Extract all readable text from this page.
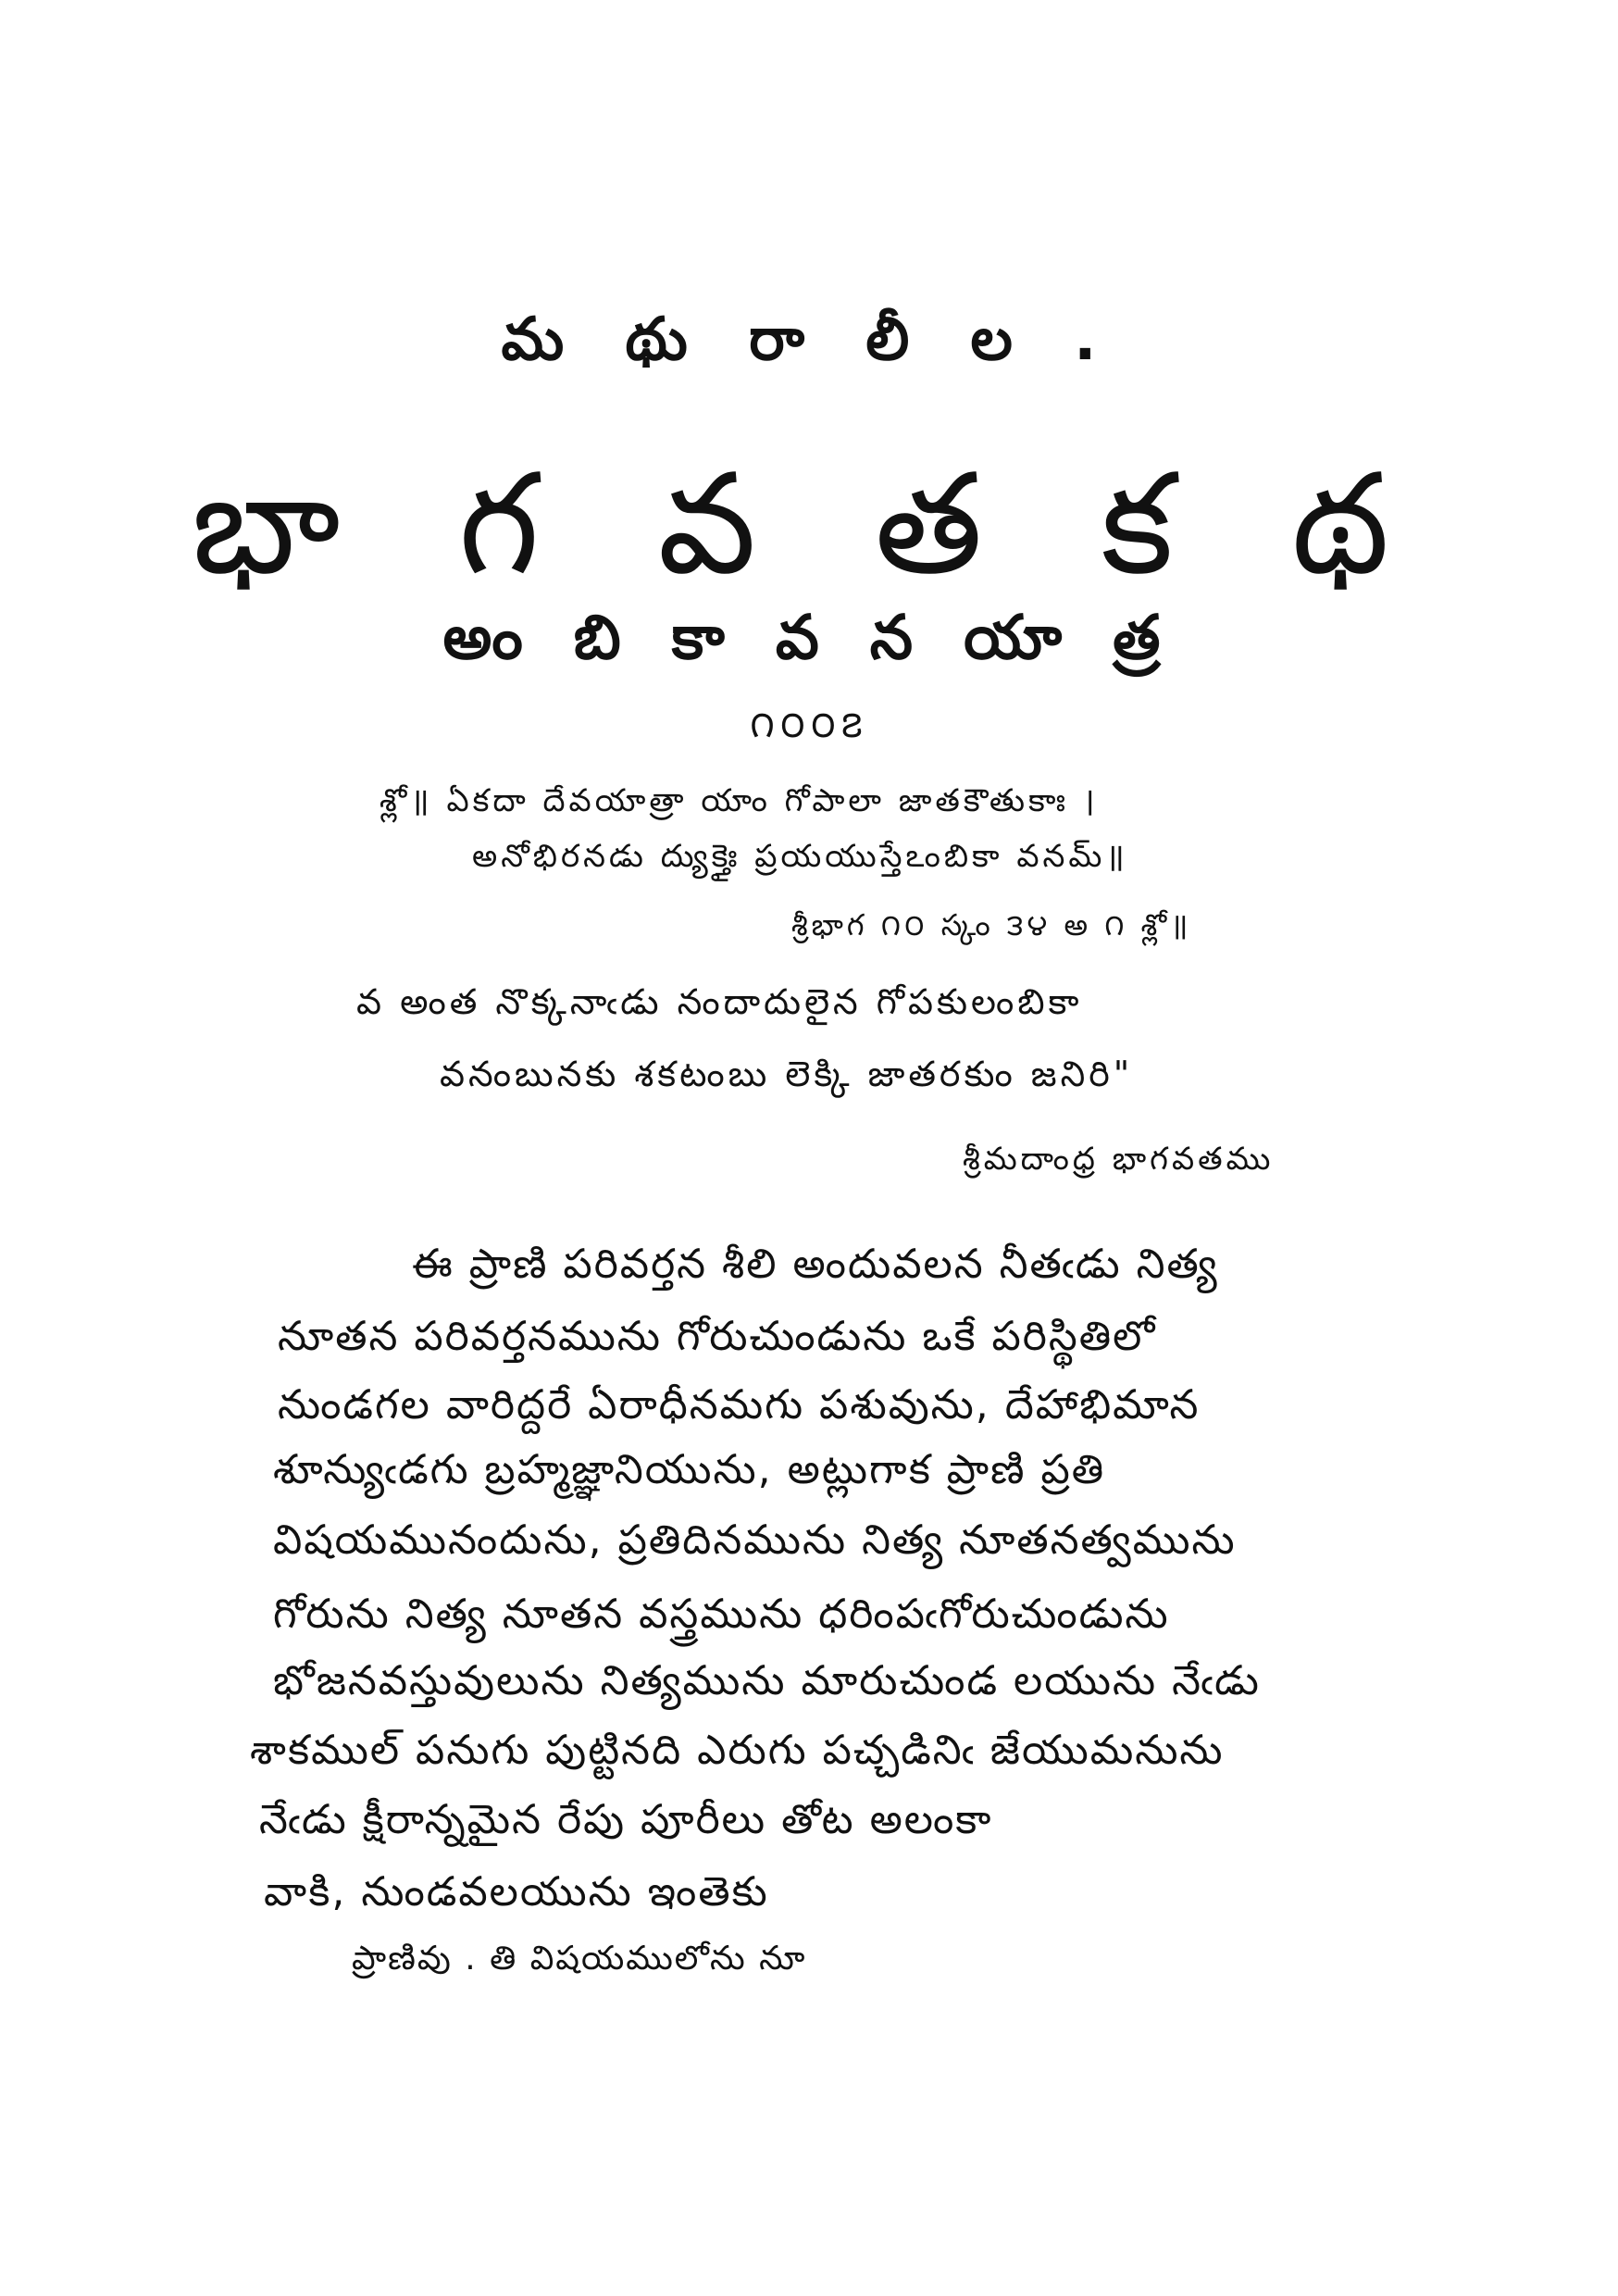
మ థు రా లీ ల .
భా గ వ త క థ
అం బి కా వ న యా త్ర
౧౦౦౭
శ్లో॥ ఏకదా దేవయాత్రా యాం గోపాలా జాతకౌతుకాః ।
అనోభిరనడు ద్యుక్తైః ప్రయయుస్తేఽంబికా వనమ్॥
శ్రీభాగ ౧౦ స్కం ౩౪ అ ౧ శ్లో॥
వ అంత నొక్కనాఁడు నందాదులైన గోపకులంబికా
వనంబునకు శకటంబు లెక్కి జాతరకుం జనిరి"
శ్రీమదాంధ్ర భాగవతము
ఈ ప్రాణి పరివర్తన శీలి అందువలన నీతఁడు నిత్య
నూతన పరివర్తనమును గోరుచుండును ఒకే పరిస్థితిలో
నుండగల వారిద్దరే ఏరాధీనమగు పశువును, దేహాభిమాన
శూన్యుఁడగు బ్రహ్మజ్ఞానియును, అట్లుగాక ప్రాణి ప్రతి
విషయమునందును, ప్రతిదినమును నిత్య నూతనత్వమును
గోరును నిత్య నూతన వస్త్రమును ధరింపఁగోరుచుండును
భోజనవస్తువులును నిత్యమును మారుచుండ లయును నేఁడు
శాకముల్ పనుగు పుట్టినది ఎరుగు పచ్చడినిఁ జేయుమనును
నేఁడు క్షీరాన్నమైన రేపు పూరీలు తోట అలంకా
వాకి, నుండవలయును ఇంతెకు
ప్రాణివు . తి విషయములోను నూ
